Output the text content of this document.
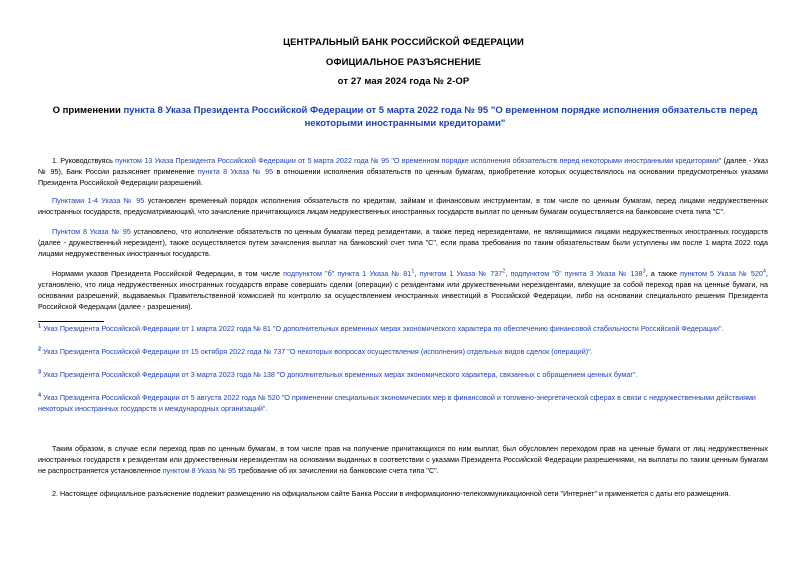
ЦЕНТРАЛЬНЫЙ БАНК РОССИЙСКОЙ ФЕДЕРАЦИИ
ОФИЦИАЛЬНОЕ РАЗЪЯСНЕНИЕ
от 27 мая 2024 года № 2-ОР
О применении пункта 8 Указа Президента Российской Федерации от 5 марта 2022 года № 95 "О временном порядке исполнения обязательств перед некоторыми иностранными кредиторами"
1. Руководствуясь пунктом 13 Указа Президента Российской Федерации от 5 марта 2022 года № 95 "О временном порядке исполнения обязательств перед некоторыми иностранными кредиторами" (далее - Указ № 95), Банк России разъясняет применение пункта 8 Указа № 95 в отношении исполнения обязательств по ценным бумагам, приобретение которых осуществлялось на основании предусмотренных указами Президента Российской Федерации разрешений.
Пунктами 1-4 Указа № 95 установлен временный порядок исполнения обязательств по кредитам, займам и финансовым инструментам, в том числе по ценным бумагам, перед лицами недружественных иностранных государств, предусматривающий, что зачисление причитающихся лицам недружественных иностранных государств выплат по ценным бумагам осуществляется на банковские счета типа "С".
Пунктом 8 Указа № 95 установлено, что исполнение обязательств по ценным бумагам перед резидентами, а также перед нерезидентами, не являющимися лицами недружественных иностранных государств (далее - дружественный нерезидент), также осуществляется путем зачисления выплат на банковский счет типа "С", если права требования по таким обязательствам были уступлены им после 1 марта 2022 года лицами недружественных иностранных государств.
Нормами указов Президента Российской Федерации, в том числе подпунктом "б" пункта 1 Указа № $81^1$, пунктом 1 Указа № $737^2$, подпунктом "б" пункта 3 Указа № $138^3$, а также пунктом 5 Указа № $520^4$, установлено, что лица недружественных иностранных государств вправе совершать сделки (операции) с резидентами или дружественными нерезидентами, влекущие за собой переход прав на ценные бумаги, на основании разрешений, выдаваемых Правительственной комиссией по контролю за осуществлением иностранных инвестиций в Российской Федерации, либо на основании специального решения Президента Российской Федерации (далее - разрешения).
$^1$ Указ Президента Российской Федерации от 1 марта 2022 года № 81 "О дополнительных временных мерах экономического характера по обеспечению финансовой стабильности Российской Федерации".
$^2$ Указ Президента Российской Федерации от 15 октября 2022 года № 737 "О некоторых вопросах осуществления (исполнения) отдельных видов сделок (операций)".
$^3$ Указ Президента Российской Федерации от 3 марта 2023 года № 138 "О дополнительных временных мерах экономического характера, связанных с обращением ценных бумаг".
$^4$ Указ Президента Российской Федерации от 5 августа 2022 года № 520 "О применении специальных экономических мер в финансовой и топливно-энергетической сферах в связи с недружественными действиями некоторых иностранных государств и международных организаций".
Таким образом, в случае если переход прав по ценным бумагам, в том числе прав на получение причитающихся по ним выплат, был обусловлен переходом прав на ценные бумаги от лиц недружественных иностранных государств к резидентам или дружественным нерезидентам на основании выданных в соответствии с указами Президента Российской Федерации разрешениями, на выплаты по таким ценным бумагам не распространяется установленное пунктом 8 Указа № 95 требование об их зачислении на банковские счета типа "С".
2. Настоящее официальное разъяснение подлежит размещению на официальном сайте Банка России в информационно-телекоммуникационной сети "Интернет" и применяется с даты его размещения.
